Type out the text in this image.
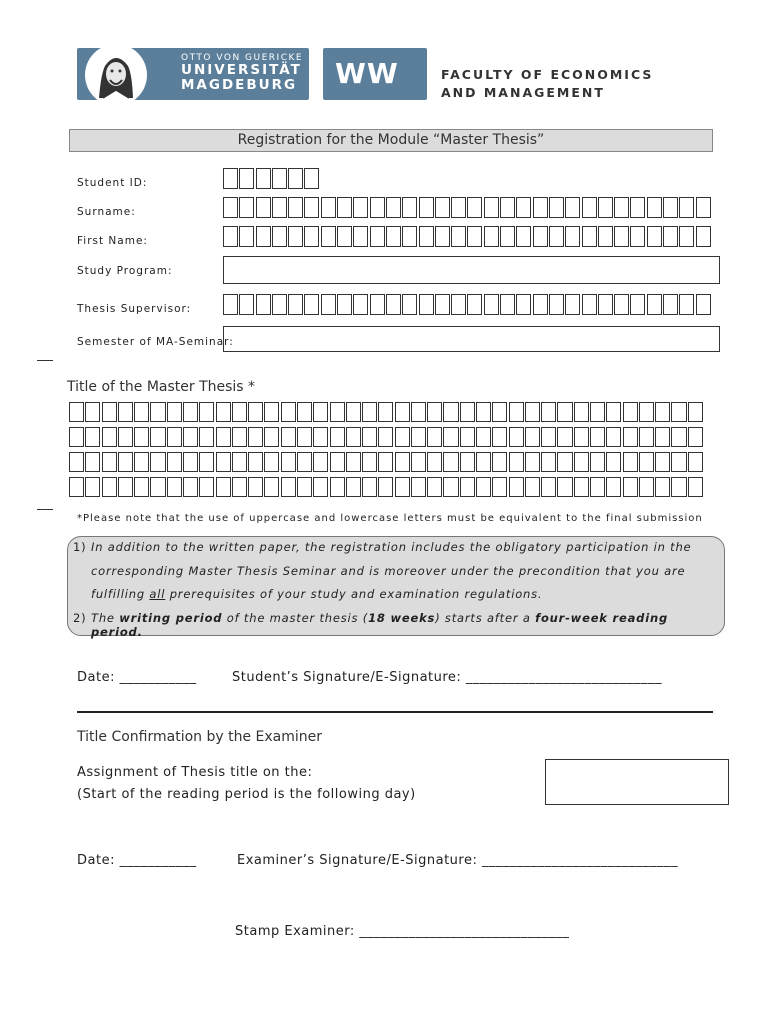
OTTO VON GUERICKE
UNIVERSITÄT
MAGDEBURG WW	FACULTY OF ECONOMICS
AND MANAGEMENT
Registration for the Module “Master Thesis”
Student ID:
Surname:
First Name:
Study Program:
Thesis Supervisor:
Semester of MA-Seminar:
Title of the Master Thesis *
*Please note that the use of uppercase and lowercase letters must be equivalent to the final submission

1) In addition to the written paper, the registration includes the obligatory participation in the

corresponding Master Thesis Seminar and is moreover under the precondition that you are

fulfilling all prerequisites of your study and examination regulations.

2) The writing period of the master thesis (18 weeks) starts after a four-week reading period.

Date: ___________	Student’s Signature/E-Signature: ____________________________
Title Confirmation by the Examiner
Assignment of Thesis title on the:
(Start of the reading period is the following day)
Date: ___________	Examiner’s Signature/E-Signature: ____________________________
Stamp Examiner: ______________________________
